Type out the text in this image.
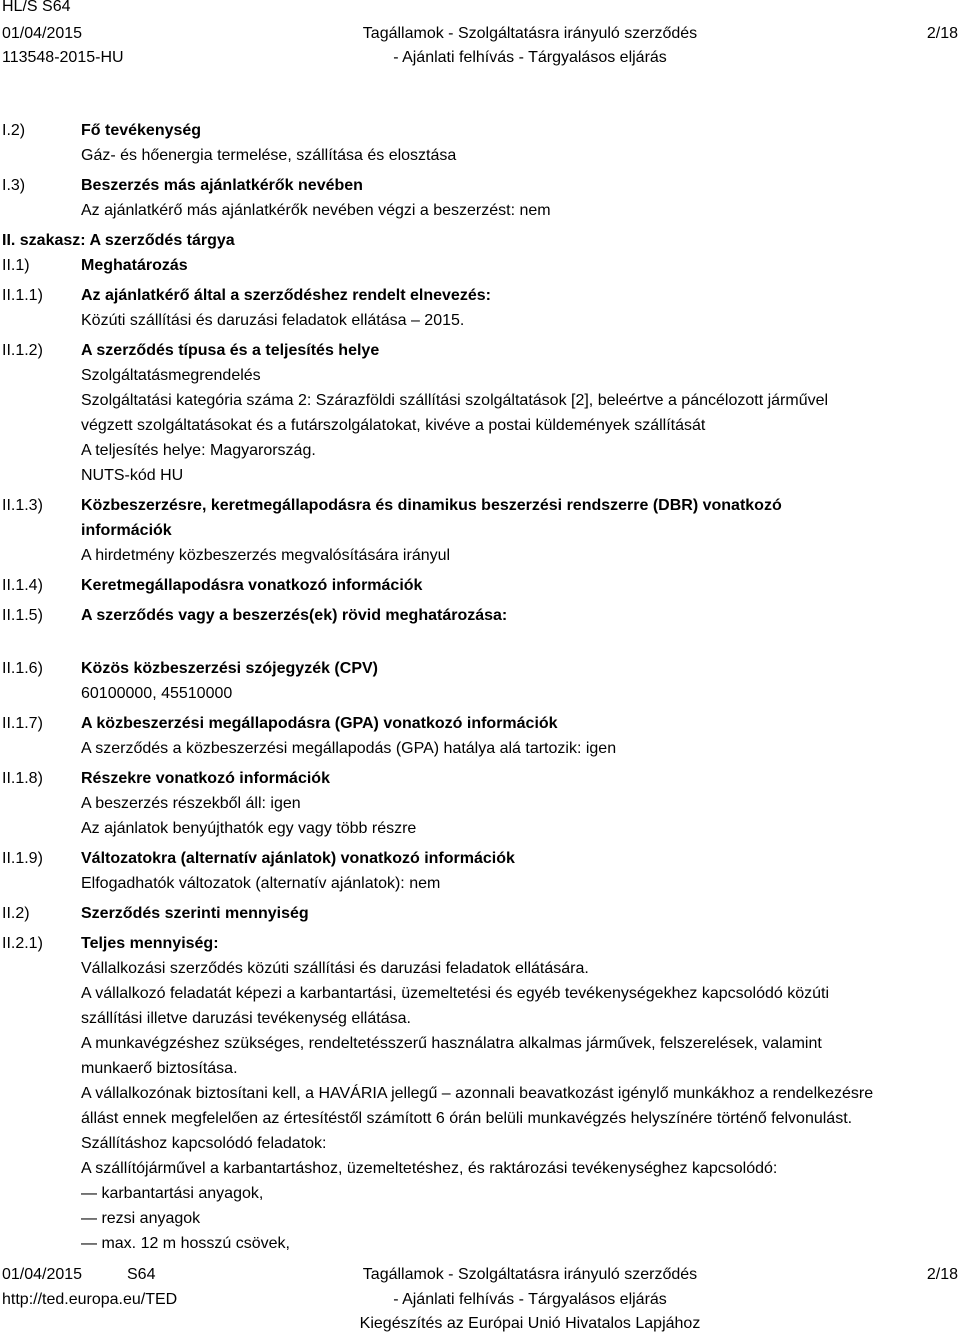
HL/S S64
01/04/2015
113548-2015-HU
Tagállamok - Szolgáltatásra irányuló szerződés
- Ajánlati felhívás - Tárgyalásos eljárás
2/18
I.2)	Fő tevékenység
Gáz- és hőenergia termelése, szállítása és elosztása
I.3)	Beszerzés más ajánlatkérők nevében
Az ajánlatkérő más ajánlatkérők nevében végzi a beszerzést: nem
II. szakasz: A szerződés tárgya
II.1)	Meghatározás
II.1.1)	Az ajánlatkérő által a szerződéshez rendelt elnevezés:
Közúti szállítási és daruzási feladatok ellátása – 2015.
II.1.2)	A szerződés típusa és a teljesítés helye
Szolgáltatásmegrendelés
Szolgáltatási kategória száma 2: Szárazföldi szállítási szolgáltatások [2], beleértve a páncélozott járművel
végzett szolgáltatásokat és a futárszolgálatokat, kivéve a postai küldemények szállítását
A teljesítés helye: Magyarország.
NUTS-kód HU
II.1.3)	Közbeszerzésre, keretmegállapodásra és dinamikus beszerzési rendszerre (DBR) vonatkozó
információk
A hirdetmény közbeszerzés megvalósítására irányul
II.1.4)	Keretmegállapodásra vonatkozó információk
II.1.5)	A szerződés vagy a beszerzés(ek) rövid meghatározása:
II.1.6)	Közös közbeszerzési szójegyzék (CPV)
60100000, 45510000
II.1.7)	A közbeszerzési megállapodásra (GPA) vonatkozó információk
A szerződés a közbeszerzési megállapodás (GPA) hatálya alá tartozik: igen
II.1.8)	Részekre vonatkozó információk
A beszerzés részekből áll: igen
Az ajánlatok benyújthatók egy vagy több részre
II.1.9)	Változatokra (alternatív ajánlatok) vonatkozó információk
Elfogadhatók változatok (alternatív ajánlatok): nem
II.2)	Szerződés szerinti mennyiség
II.2.1)	Teljes mennyiség:
Vállalkozási szerződés közúti szállítási és daruzási feladatok ellátására.
A vállalkozó feladatát képezi a karbantartási, üzemeltetési és egyéb tevékenységekhez kapcsolódó közúti
szállítási illetve daruzási tevékenység ellátása.
A munkavégzéshez szükséges, rendeltetésszerű használatra alkalmas járművek, felszerelések, valamint
munkaerő biztosítása.
A vállalkozónak biztosítani kell, a HAVÁRIA jellegű – azonnali beavatkozást igénylő munkákhoz a rendelkezésre
állást ennek megfelelően az értesítéstől számított 6 órán belüli munkavégzés helyszínére történő felvonulást.
Szállításhoz kapcsolódó feladatok:
A szállítójárművel a karbantartáshoz, üzemeltetéshez, és raktározási tevékenységhez kapcsolódó:
— karbantartási anyagok,
— rezsi anyagok
— max. 12 m hosszú csövek,
01/04/2015	S64
http://ted.europa.eu/TED
Tagállamok - Szolgáltatásra irányuló szerződés
- Ajánlati felhívás - Tárgyalásos eljárás
Kiegészítés az Európai Unió Hivatalos Lapjához
2/18
